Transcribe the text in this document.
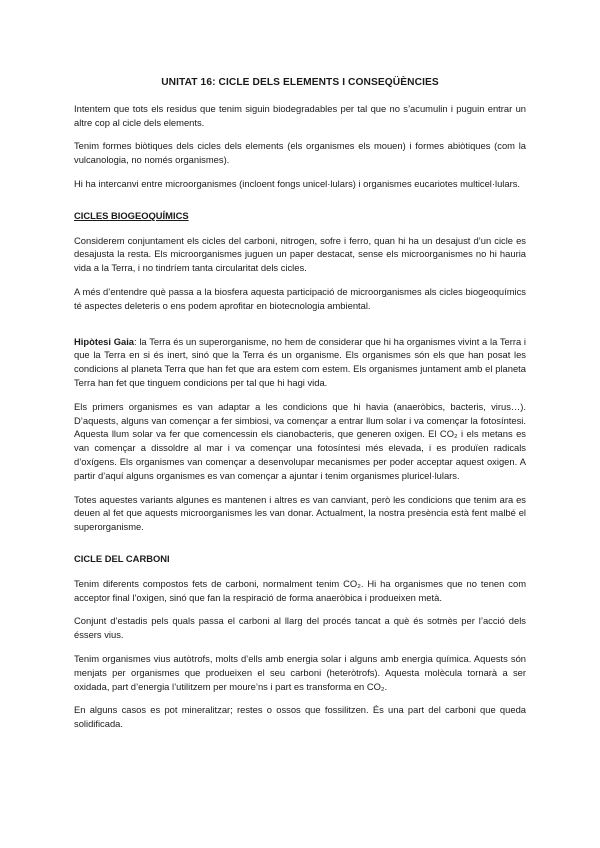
UNITAT 16: CICLE DELS ELEMENTS I CONSEQÜÈNCIES

Intentem que tots els residus que tenim siguin biodegradables per tal que no s’acumulin i puguin entrar un altre cop al cicle dels elements.

Tenim formes biòtiques dels cicles dels elements (els organismes els mouen) i formes abiòtiques (com la vulcanologia, no només organismes).

Hi ha intercanvi entre microorganismes (incloent fongs unicel·lulars) i organismes eucariotes multicel·lulars.

CICLES BIOGEOQUÍMICS

Considerem conjuntament els cicles del carboni, nitrogen, sofre i ferro, quan hi ha un desajust d’un cicle es desajusta la resta. Els microorganismes juguen un paper destacat, sense els microorganismes no hi hauria vida a la Terra, i no tindríem tanta circularitat dels cicles.

A més d’entendre què passa a la biosfera aquesta participació de microorganismes als cicles biogeoquímics té aspectes deleteris o ens podem aprofitar en biotecnologia ambiental.

Hipòtesi Gaia: la Terra és un superorganisme, no hem de considerar que hi ha organismes vivint a la Terra i que la Terra en si és inert, sinó que la Terra és un organisme. Els organismes són els que han posat les condicions al planeta Terra que han fet que ara estem com estem. Els organismes juntament amb el planeta Terra han fet que tinguem condicions per tal que hi hagi vida.

Els primers organismes es van adaptar a les condicions que hi havia (anaeròbics, bacteris, virus…). D’aquests, alguns van començar a fer simbiosi, va començar a entrar llum solar i va començar la fotosíntesi. Aquesta llum solar va fer que comencessin els cianobacteris, que generen oxigen. El CO₂ i els metans es van començar a dissoldre al mar i va començar una fotosíntesi més elevada, i es produïen radicals d’oxígens. Els organismes van començar a desenvolupar mecanismes per poder acceptar aquest oxigen. A partir d’aquí alguns organismes es van començar a ajuntar i tenim organismes pluricel·lulars.

Totes aquestes variants algunes es mantenen i altres es van canviant, però les condicions que tenim ara es deuen al fet que aquests microorganismes les van donar. Actualment, la nostra presència està fent malbé el superorganisme.

CICLE DEL CARBONI

Tenim diferents compostos fets de carboni, normalment tenim CO₂. Hi ha organismes que no tenen com acceptor final l’oxigen, sinó que fan la respiració de forma anaeròbica i produeixen metà.

Conjunt d’estadis pels quals passa el carboni al llarg del procés tancat a què és sotmès per l’acció dels éssers vius.

Tenim organismes vius autòtrofs, molts d’ells amb energia solar i alguns amb energia química. Aquests són menjats per organismes que produeixen el seu carboni (heteròtrofs). Aquesta molècula tornarà a ser oxidada, part d’energia l’utilitzem per moure’ns i part es transforma en CO₂.

En alguns casos es pot mineralitzar; restes o ossos que fossilitzen. És una part del carboni que queda solidificada.
